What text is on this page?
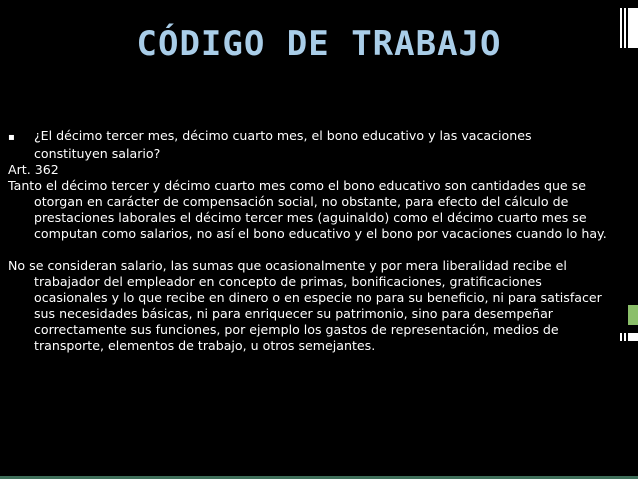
CÓDIGO DE TRABAJO

▪ ¿El décimo tercer mes, décimo cuarto mes, el bono educativo y las vacaciones constituyen salario?

Art. 362

Tanto el décimo tercer y décimo cuarto mes como el bono educativo son cantidades que se otorgan en carácter de compensación social, no obstante, para efecto del cálculo de prestaciones laborales el décimo tercer mes (aguinaldo) como el décimo cuarto mes se computan como salarios, no así el bono educativo y el bono por vacaciones cuando lo hay.

No se consideran salario, las sumas que ocasionalmente y por mera liberalidad recibe el trabajador del empleador en concepto de primas, bonificaciones, gratificaciones ocasionales y lo que recibe en dinero o en especie no para su beneficio, ni para satisfacer sus necesidades básicas, ni para enriquecer su patrimonio, sino para desempeñar correctamente sus funciones, por ejemplo los gastos de representación, medios de transporte, elementos de trabajo, u otros semejantes.
